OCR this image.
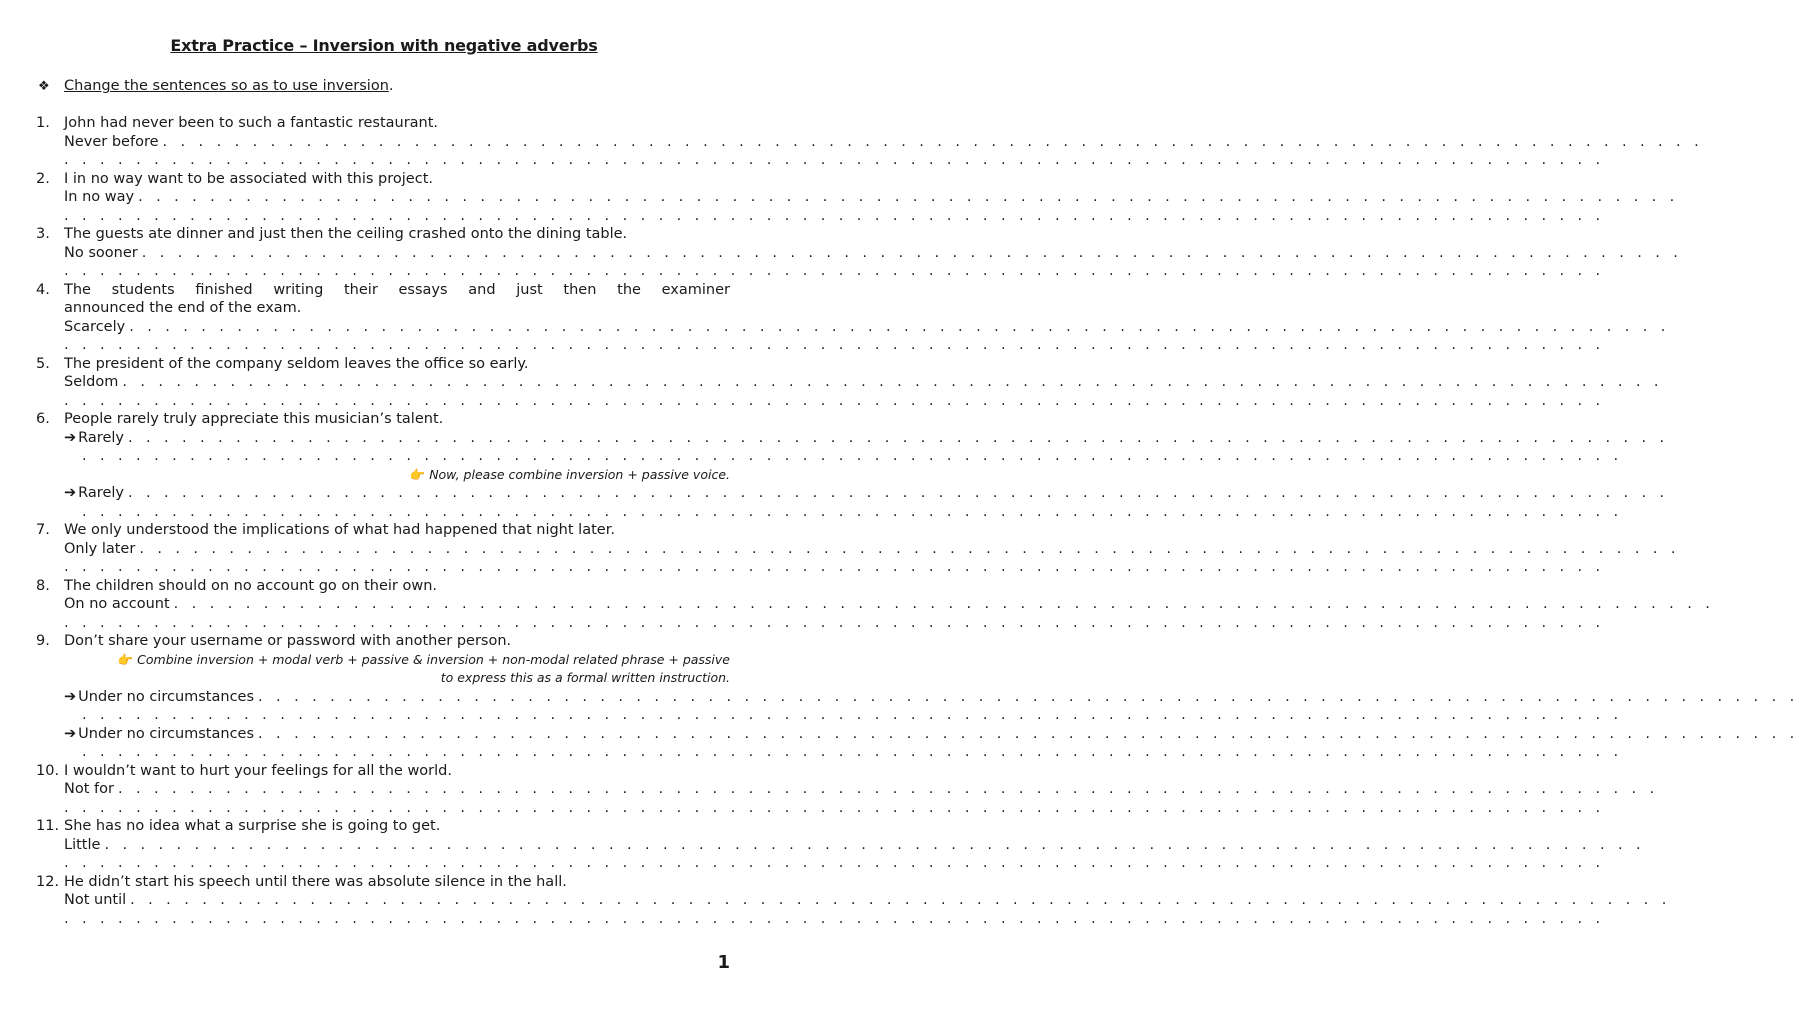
Extra Practice – Inversion with negative adverbs
❖ Change the sentences so as to use inversion.
1. John had never been to such a fantastic restaurant.
Never before . . . . . . . . . . . . . . . . . . . . . . . . . . . . . . . . . . . . . . . . . . . . . . . . . . . . . . . . . . . . . . . . . . . . . . . . . . . . . . . . . . . . . .
. . . . . . . . . . . . . . . . . . . . . . . . . . . . . . . . . . . . . . . . . . . . . . . . . . . . . . . . . . . . . . . . . . . . . . . . . . . . . . . . . . . . . .
2. I in no way want to be associated with this project.
In no way . . . . . . . . . . . . . . . . . . . . . . . . . . . . . . . . . . . . . . . . . . . . . . . . . . . . . . . . . . . . . . . . . . . . . . . . . . . . . . . . . . . . . .
. . . . . . . . . . . . . . . . . . . . . . . . . . . . . . . . . . . . . . . . . . . . . . . . . . . . . . . . . . . . . . . . . . . . . . . . . . . . . . . . . . . . . .
3. The guests ate dinner and just then the ceiling crashed onto the dining table.
No sooner . . . . . . . . . . . . . . . . . . . . . . . . . . . . . . . . . . . . . . . . . . . . . . . . . . . . . . . . . . . . . . . . . . . . . . . . . . . . . . . . . . . . . .
. . . . . . . . . . . . . . . . . . . . . . . . . . . . . . . . . . . . . . . . . . . . . . . . . . . . . . . . . . . . . . . . . . . . . . . . . . . . . . . . . . . . . .
4. The students finished writing their essays and just then the examiner
announced the end of the exam.
Scarcely . . . . . . . . . . . . . . . . . . . . . . . . . . . . . . . . . . . . . . . . . . . . . . . . . . . . . . . . . . . . . . . . . . . . . . . . . . . . . . . . . . . . . .
. . . . . . . . . . . . . . . . . . . . . . . . . . . . . . . . . . . . . . . . . . . . . . . . . . . . . . . . . . . . . . . . . . . . . . . . . . . . . . . . . . . . . .
5. The president of the company seldom leaves the office so early.
Seldom . . . . . . . . . . . . . . . . . . . . . . . . . . . . . . . . . . . . . . . . . . . . . . . . . . . . . . . . . . . . . . . . . . . . . . . . . . . . . . . . . . . . . .
. . . . . . . . . . . . . . . . . . . . . . . . . . . . . . . . . . . . . . . . . . . . . . . . . . . . . . . . . . . . . . . . . . . . . . . . . . . . . . . . . . . . . .
6. People rarely truly appreciate this musician’s talent.
➔ Rarely . . . . . . . . . . . . . . . . . . . . . . . . . . . . . . . . . . . . . . . . . . . . . . . . . . . . . . . . . . . . . . . . . . . . . . . . . . . . . . . . . . . . . .
. . . . . . . . . . . . . . . . . . . . . . . . . . . . . . . . . . . . . . . . . . . . . . . . . . . . . . . . . . . . . . . . . . . . . . . . . . . . . . . . . . . . . .
👉 Now, please combine inversion + passive voice.
➔ Rarely . . . . . . . . . . . . . . . . . . . . . . . . . . . . . . . . . . . . . . . . . . . . . . . . . . . . . . . . . . . . . . . . . . . . . . . . . . . . . . . . . . . . . .
. . . . . . . . . . . . . . . . . . . . . . . . . . . . . . . . . . . . . . . . . . . . . . . . . . . . . . . . . . . . . . . . . . . . . . . . . . . . . . . . . . . . . .
7. We only understood the implications of what had happened that night later.
Only later . . . . . . . . . . . . . . . . . . . . . . . . . . . . . . . . . . . . . . . . . . . . . . . . . . . . . . . . . . . . . . . . . . . . . . . . . . . . . . . . . . . . . .
. . . . . . . . . . . . . . . . . . . . . . . . . . . . . . . . . . . . . . . . . . . . . . . . . . . . . . . . . . . . . . . . . . . . . . . . . . . . . . . . . . . . . .
8. The children should on no account go on their own.
On no account . . . . . . . . . . . . . . . . . . . . . . . . . . . . . . . . . . . . . . . . . . . . . . . . . . . . . . . . . . . . . . . . . . . . . . . . . . . . . . . . . . . . . .
. . . . . . . . . . . . . . . . . . . . . . . . . . . . . . . . . . . . . . . . . . . . . . . . . . . . . . . . . . . . . . . . . . . . . . . . . . . . . . . . . . . . . .
9. Don’t share your username or password with another person.
👉 Combine inversion + modal verb + passive & inversion + non-modal related phrase + passive
to express this as a formal written instruction.
➔ Under no circumstances . . . . . . . . . . . . . . . . . . . . . . . . . . . . . . . . . . . . . . . . . . . . . . . . . . . . . . . . . . . . . . . . . . . . . . . . . . . . . . . . . . . . . .
. . . . . . . . . . . . . . . . . . . . . . . . . . . . . . . . . . . . . . . . . . . . . . . . . . . . . . . . . . . . . . . . . . . . . . . . . . . . . . . . . . . . . .
➔ Under no circumstances . . . . . . . . . . . . . . . . . . . . . . . . . . . . . . . . . . . . . . . . . . . . . . . . . . . . . . . . . . . . . . . . . . . . . . . . . . . . . . . . . . . . . .
. . . . . . . . . . . . . . . . . . . . . . . . . . . . . . . . . . . . . . . . . . . . . . . . . . . . . . . . . . . . . . . . . . . . . . . . . . . . . . . . . . . . . .
10. I wouldn’t want to hurt your feelings for all the world.
Not for . . . . . . . . . . . . . . . . . . . . . . . . . . . . . . . . . . . . . . . . . . . . . . . . . . . . . . . . . . . . . . . . . . . . . . . . . . . . . . . . . . . . . .
. . . . . . . . . . . . . . . . . . . . . . . . . . . . . . . . . . . . . . . . . . . . . . . . . . . . . . . . . . . . . . . . . . . . . . . . . . . . . . . . . . . . . .
11. She has no idea what a surprise she is going to get.
Little . . . . . . . . . . . . . . . . . . . . . . . . . . . . . . . . . . . . . . . . . . . . . . . . . . . . . . . . . . . . . . . . . . . . . . . . . . . . . . . . . . . . . .
. . . . . . . . . . . . . . . . . . . . . . . . . . . . . . . . . . . . . . . . . . . . . . . . . . . . . . . . . . . . . . . . . . . . . . . . . . . . . . . . . . . . . .
12. He didn’t start his speech until there was absolute silence in the hall.
Not until . . . . . . . . . . . . . . . . . . . . . . . . . . . . . . . . . . . . . . . . . . . . . . . . . . . . . . . . . . . . . . . . . . . . . . . . . . . . . . . . . . . . . .
. . . . . . . . . . . . . . . . . . . . . . . . . . . . . . . . . . . . . . . . . . . . . . . . . . . . . . . . . . . . . . . . . . . . . . . . . . . . . . . . . . . . . .
1
